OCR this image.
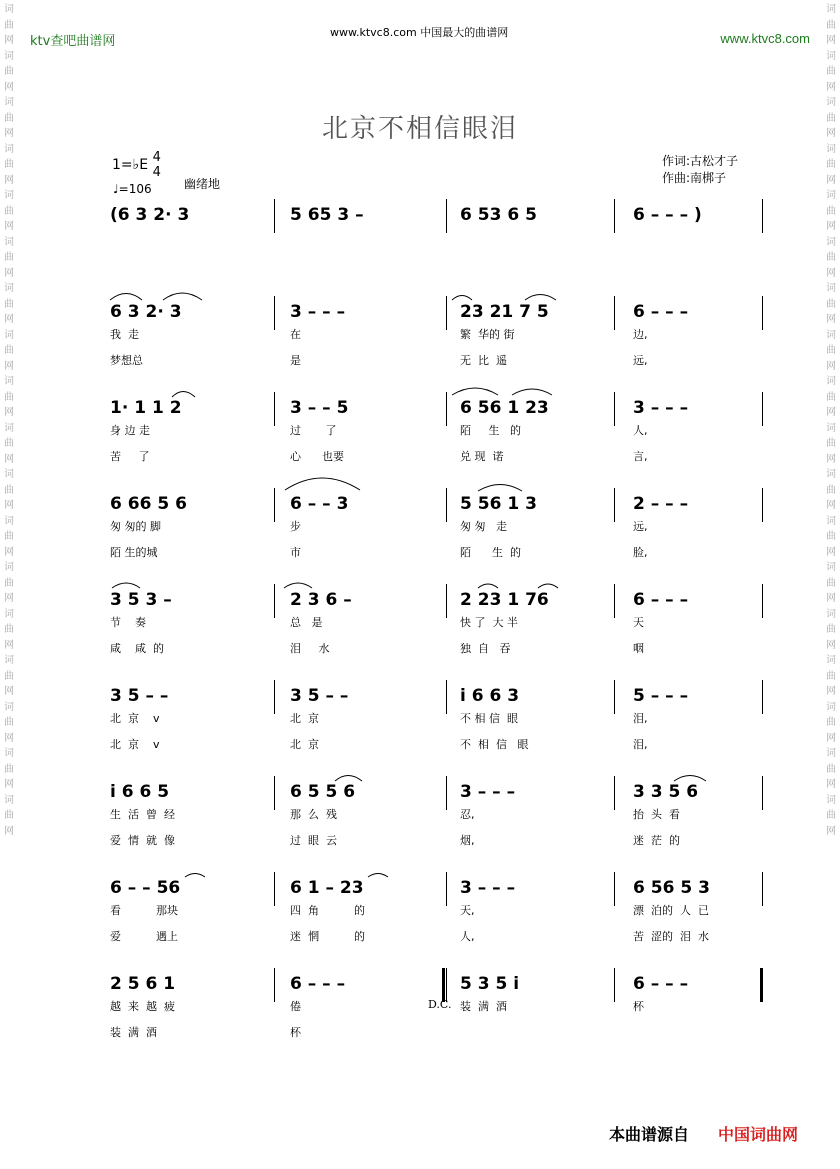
ktv查吧曲谱网
www.ktvc8.com 中国最大的曲谱网	www.ktvc8.com
词曲网词曲网词曲网词曲网词曲网词曲网词曲网词曲网词曲网词曲网词曲网词曲网词曲网词曲网词曲网词曲网词曲网词曲网
词曲网词曲网词曲网词曲网词曲网词曲网词曲网词曲网词曲网词曲网词曲网词曲网词曲网词曲网词曲网词曲网词曲网词曲网
北京不相信眼泪
1=♭E 4
4
♩=106	幽绪地
作词:古松才子
作曲:南梆子
(6 3 2· 3	5 65 3 –	6 53 6 5	6 – – – )
6 3 2· 3	3 – – –	23 21 7 5	6 – – –
我  走	在	繁  华的 街	边,
梦想总	是	无  比  遥	远,
1· 1 1 2	3 – – 5	6 56 1 23	3 – – –
身 边 走	过       了	陌     生   的	人,
苦     了	心      也要	兑 现  诺	言,
6 66 5 6	6 – – 3	5 56 1 3	2 – – –
匆 匆的 脚	步	匆 匆   走	远,
陌 生的城	市	陌      生  的	脸,
3 5 3 –	2 3 6 –	2 23 1 76	6 – – –
节    奏	总   是	快 了  大 半	天
咸    咸  的	泪     水	独  自   吞	咽
3 5 – –	3 5 – –	i 6 6 3	5 – – –
北  京    v	北  京	不 相 信  眼	泪,
北  京    v	北  京	不  相  信   眼	泪,
i 6 6 5	6 5 5 6	3 – – –	3 3 5 6
生  活  曾  经	那  么  残	忍,	抬  头  看
爱  情  就  像	过  眼  云	烟,	迷  茫  的
6 – – 56	6 1 – 23	3 – – –	6 56 5 3
看          那块	四  角          的	天,	漂  泊的  人  已
爱          遇上	迷  惘          的	人,	苦  涩的  泪  水
2 5 6 1	6 – – –	5 3 5 i	6 – – –
越  来  越  疲	倦	装  满  酒	杯
装  满  酒	杯
D.C.
本曲谱源自 中国词曲网
